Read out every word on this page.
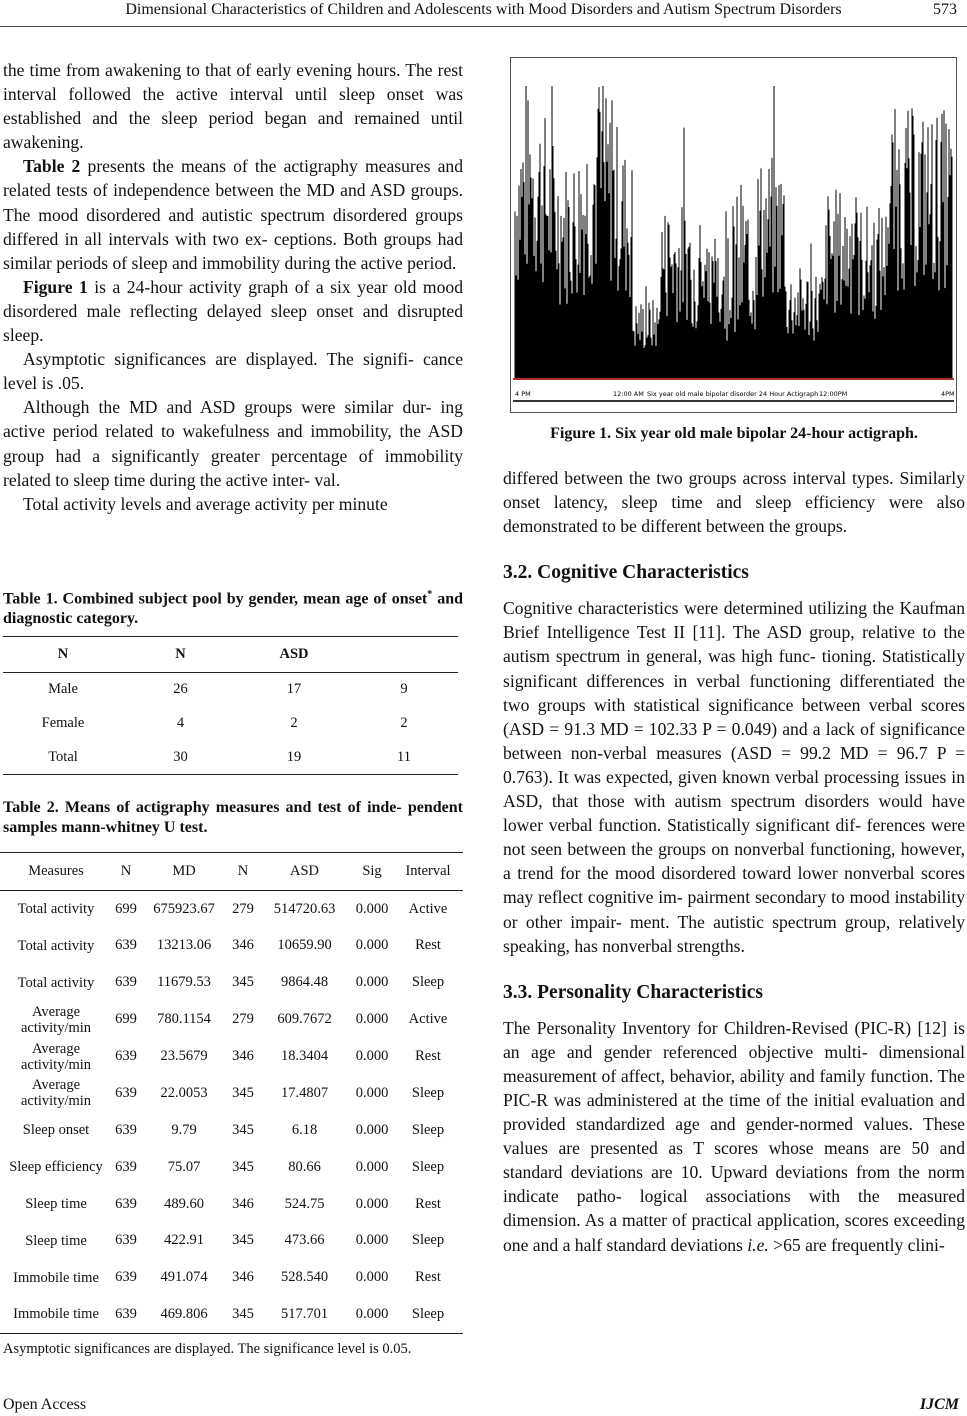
Dimensional Characteristics of Children and Adolescents with Mood Disorders and Autism Spectrum Disorders	573

the time from awakening to that of early evening hours. The rest interval followed the active interval until sleep onset was established and the sleep period began and remained until awakening.

Table 2 presents the means of the actigraphy measures and related tests of independence between the MD and ASD groups. The mood disordered and autistic spectrum disordered groups differed in all intervals with two ex- ceptions. Both groups had similar periods of sleep and immobility during the active period.

Figure 1 is a 24-hour activity graph of a six year old mood disordered male reflecting delayed sleep onset and disrupted sleep.

Asymptotic significances are displayed. The signifi- cance level is .05.

Although the MD and ASD groups were similar dur- ing active period related to wakefulness and immobility, the ASD group had a significantly greater percentage of immobility related to sleep time during the active inter- val.

Total activity levels and average activity per minute

Table 1. Combined subject pool by gender, mean age of onset* and diagnostic category.

N	N	ASD	
Male	26	17	9
Female	4	2	2
Total	30	19	11

Table 2. Means of actigraphy measures and test of inde- pendent samples mann-whitney U test.

Measures	N	MD	N	ASD	Sig	Interval
Total activity	699	675923.67	279	514720.63	0.000	Active
Total activity	639	13213.06	346	10659.90	0.000	Rest
Total activity	639	11679.53	345	9864.48	0.000	Sleep
Average activity/min	699	780.1154	279	609.7672	0.000	Active
Average activity/min	639	23.5679	346	18.3404	0.000	Rest
Average activity/min	639	22.0053	345	17.4807	0.000	Sleep
Sleep onset	639	9.79	345	6.18	0.000	Sleep
Sleep efficiency	639	75.07	345	80.66	0.000	Sleep
Sleep time	639	489.60	346	524.75	0.000	Rest
Sleep time	639	422.91	345	473.66	0.000	Sleep
Immobile time	639	491.074	346	528.540	0.000	Rest
Immobile time	639	469.806	345	517.701	0.000	Sleep
Asymptotic significances are displayed. The significance level is 0.05.
4 PM	12:00 AM Six year old male bipolar disorder 24 Hour Actigraph 12:00PM	4PM
Figure 1. Six year old male bipolar 24-hour actigraph.

differed between the two groups across interval types. Similarly onset latency, sleep time and sleep efficiency were also demonstrated to be different between the groups.

3.2. Cognitive Characteristics

Cognitive characteristics were determined utilizing the Kaufman Brief Intelligence Test II [11]. The ASD group, relative to the autism spectrum in general, was high func- tioning. Statistically significant differences in verbal functioning differentiated the two groups with statistical significance between verbal scores (ASD = 91.3 MD = 102.33 P = 0.049) and a lack of significance between non-verbal measures (ASD = 99.2 MD = 96.7 P = 0.763). It was expected, given known verbal processing issues in ASD, that those with autism spectrum disorders would have lower verbal function. Statistically significant dif- ferences were not seen between the groups on nonverbal functioning, however, a trend for the mood disordered toward lower nonverbal scores may reflect cognitive im- pairment secondary to mood instability or other impair- ment. The autistic spectrum group, relatively speaking, has nonverbal strengths.

3.3. Personality Characteristics

The Personality Inventory for Children-Revised (PIC-R) [12] is an age and gender referenced objective multi- dimensional measurement of affect, behavior, ability and family function. The PIC-R was administered at the time of the initial evaluation and provided standardized age and gender-normed values. These values are presented as T scores whose means are 50 and standard deviations are 10. Upward deviations from the norm indicate patho- logical associations with the measured dimension. As a matter of practical application, scores exceeding one and a half standard deviations i.e. >65 are frequently clini-

Open Access	IJCM
